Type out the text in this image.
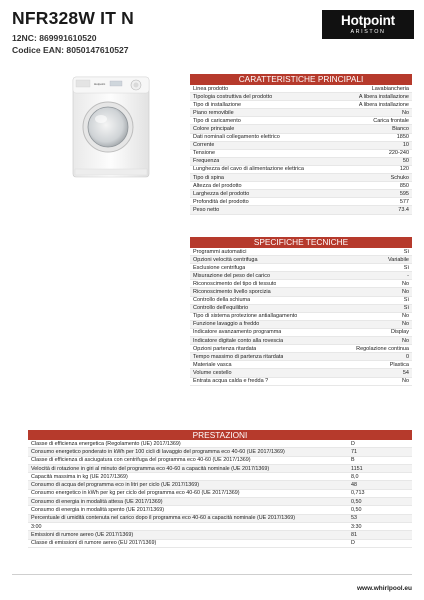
NFR328W IT N
12NC: 869991610520
Codice EAN: 8050147610527
Hotpoint
ARISTON
Hotpoint	CARATTERISTICHE PRINCIPALI
Linea prodotto	Lavabiancheria
Tipologia costruttiva del prodotto	A libera installazione
Tipo di installazione	A libera installazione
Piano removibile	No
Tipo di caricamento	Carica frontale
Colore principale	Bianco
Dati nominali collegamento elettrico	1850
Corrente	10
Tensione	220-240
Frequenza	50
Lunghezza del cavo di alimentazione elettrica	120
Tipo di spina	Schuko
Altezza del prodotto	850
Larghezza del prodotto	595
Profondità del prodotto	577
Peso netto	73.4
SPECIFICHE TECNICHE
Programmi automatici	Sì
Opzioni velocità centrifuga	Variabile
Esclusione centrifuga	Sì
Misurazione del peso del carico	-
Riconoscimento del tipo di tessuto	No
Riconoscimento livello sporcizia	No
Controllo della schiuma	Sì
Controllo dell'equilibrio	Sì
Tipo di sistema protezione antiallagamento	No
Funzione lavaggio a freddo	No
Indicatore avanzamento programma	Display
Indicatore digitale conto alla rovescia	No
Opzioni partenza ritardata	Regolazione continua
Tempo massimo di partenza ritardata	0
Materiale vasca	Plastica
Volume cestello	54
Entrata acqua calda e fredda ?	No
PRESTAZIONI
Classe di efficienza energetica (Regolamento (UE) 2017/1369)	D
Consumo energetico ponderato in kWh per 100 cicli di lavaggio del programma eco 40-60 (UE 2017/1369)	71
Classe di efficienza di asciugatura con centrifuga del programma eco 40-60 (UE 2017/1369)	B
Velocità di rotazione in giri al minuto del programma eco 40-60 a capacità nominale (UE 2017/1369)	1151
Capacità massima in kg (UE 2017/1369)	8,0
Consumo di acqua del programma eco in litri per ciclo (UE 2017/1369)	48
Consumo energetico in kWh per kg per ciclo del programma eco 40-60 (UE 2017/1369)	0,713
Consumo di energia in modalità attesa (UE 2017/1369)	0,50
Consumo di energia in modalità spento (UE 2017/1369)	0,50
Percentuale di umidità contenuta nel carico dopo il programma eco 40-60 a capacità nominale (UE 2017/1369)	53
3:00	3:30
Emissioni di rumore aereo (UE 2017/1369)	81
Classe di emissioni di rumore aereo (EU 2017/1369)	D
www.whirlpool.eu
